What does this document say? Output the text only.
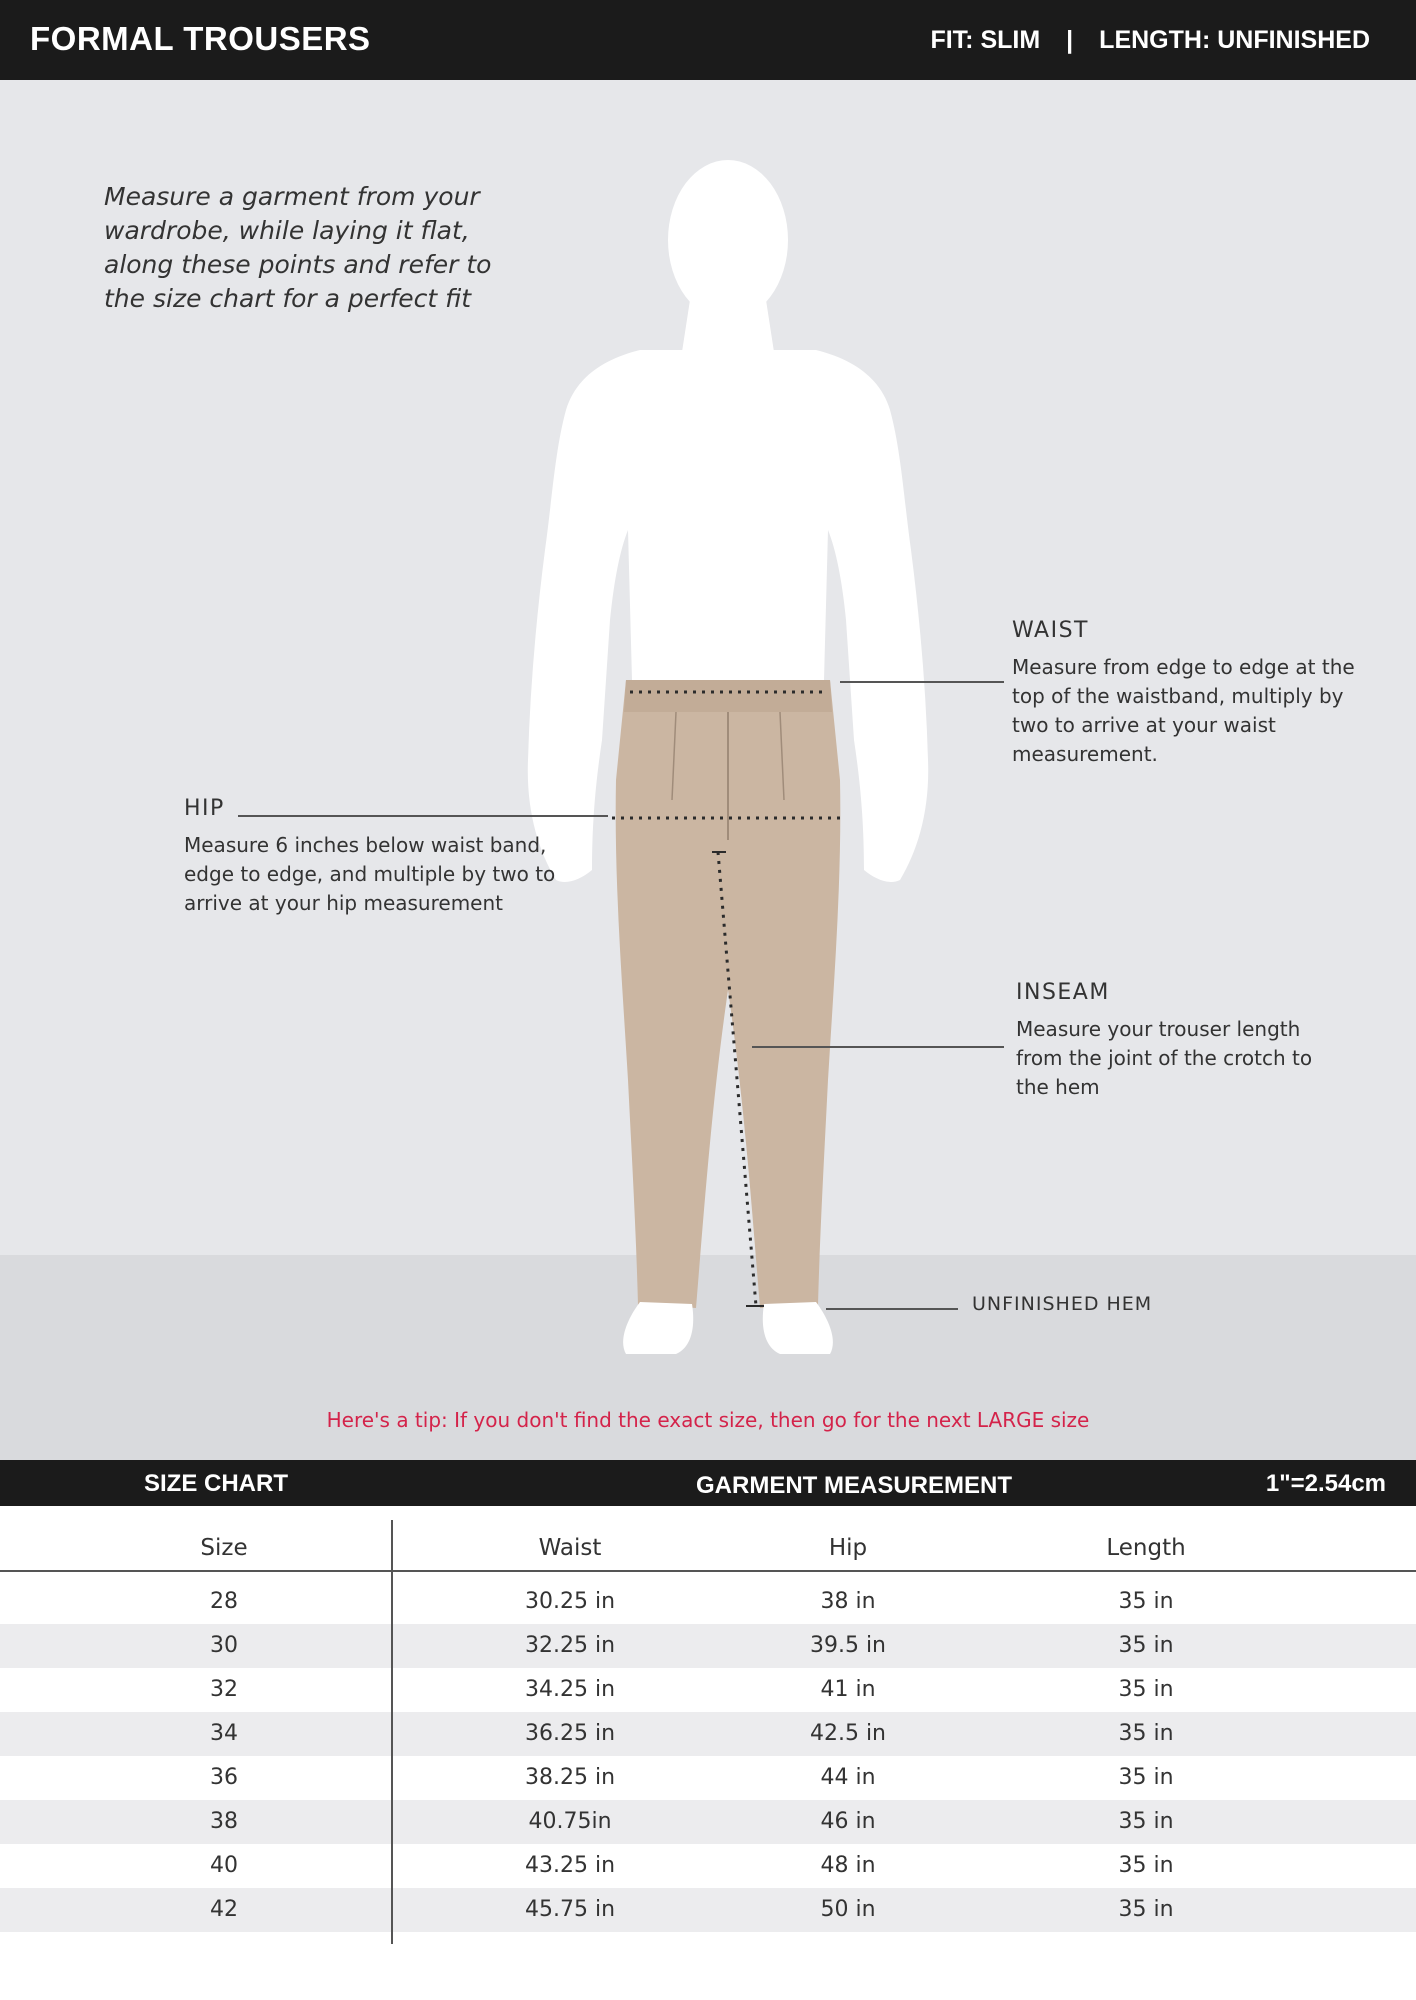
FORMAL TROUSERS	FIT: SLIM | LENGTH: UNFINISHED
Measure a garment from your wardrobe, while laying it flat, along these points and refer to the size chart for a perfect fit
WAIST

Measure from edge to edge at the top of the waistband, multiply by two to arrive at your waist measurement.

HIP

Measure 6 inches below waist band, edge to edge, and multiple by two to arrive at your hip measurement

INSEAM

Measure your trouser length from the joint of the crotch to the hem

UNFINISHED HEM
Here's a tip: If you don't find the exact size, then go for the next LARGE size
SIZE CHART	GARMENT MEASUREMENT	1"=2.54cm
Size	Waist	Hip	Length
28	30.25 in	38 in	35 in
30	32.25 in	39.5 in	35 in
32	34.25 in	41 in	35 in
34	36.25 in	42.5 in	35 in
36	38.25 in	44 in	35 in
38	40.75in	46 in	35 in
40	43.25 in	48 in	35 in
42	45.75 in	50 in	35 in
